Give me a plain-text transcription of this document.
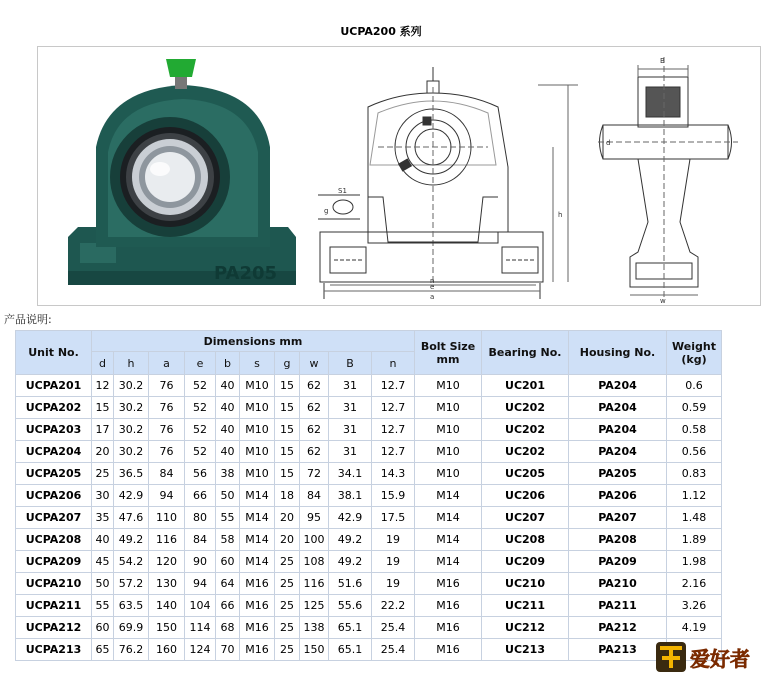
UCPA200 系列
PA205
S1
g
n
e
a
h
B
d
w
产品说明:
Unit No.	Dimensions mm										Bolt Size mm	Bearing No.	Housing No.	Weight (kg)
	d	h	a	e	b	s	g	w	B	n				
UCPA201	12	30.2	76	52	40	M10	15	62	31	12.7	M10	UC201	PA204	0.6
UCPA202	15	30.2	76	52	40	M10	15	62	31	12.7	M10	UC202	PA204	0.59
UCPA203	17	30.2	76	52	40	M10	15	62	31	12.7	M10	UC202	PA204	0.58
UCPA204	20	30.2	76	52	40	M10	15	62	31	12.7	M10	UC202	PA204	0.56
UCPA205	25	36.5	84	56	38	M10	15	72	34.1	14.3	M10	UC205	PA205	0.83
UCPA206	30	42.9	94	66	50	M14	18	84	38.1	15.9	M14	UC206	PA206	1.12
UCPA207	35	47.6	110	80	55	M14	20	95	42.9	17.5	M14	UC207	PA207	1.48
UCPA208	40	49.2	116	84	58	M14	20	100	49.2	19	M14	UC208	PA208	1.89
UCPA209	45	54.2	120	90	60	M14	25	108	49.2	19	M14	UC209	PA209	1.98
UCPA210	50	57.2	130	94	64	M16	25	116	51.6	19	M16	UC210	PA210	2.16
UCPA211	55	63.5	140	104	66	M16	25	125	55.6	22.2	M16	UC211	PA211	3.26
UCPA212	60	69.9	150	114	68	M16	25	138	65.1	25.4	M16	UC212	PA212	4.19
UCPA213	65	76.2	160	124	70	M16	25	150	65.1	25.4	M16	UC213	PA213		爱好者
